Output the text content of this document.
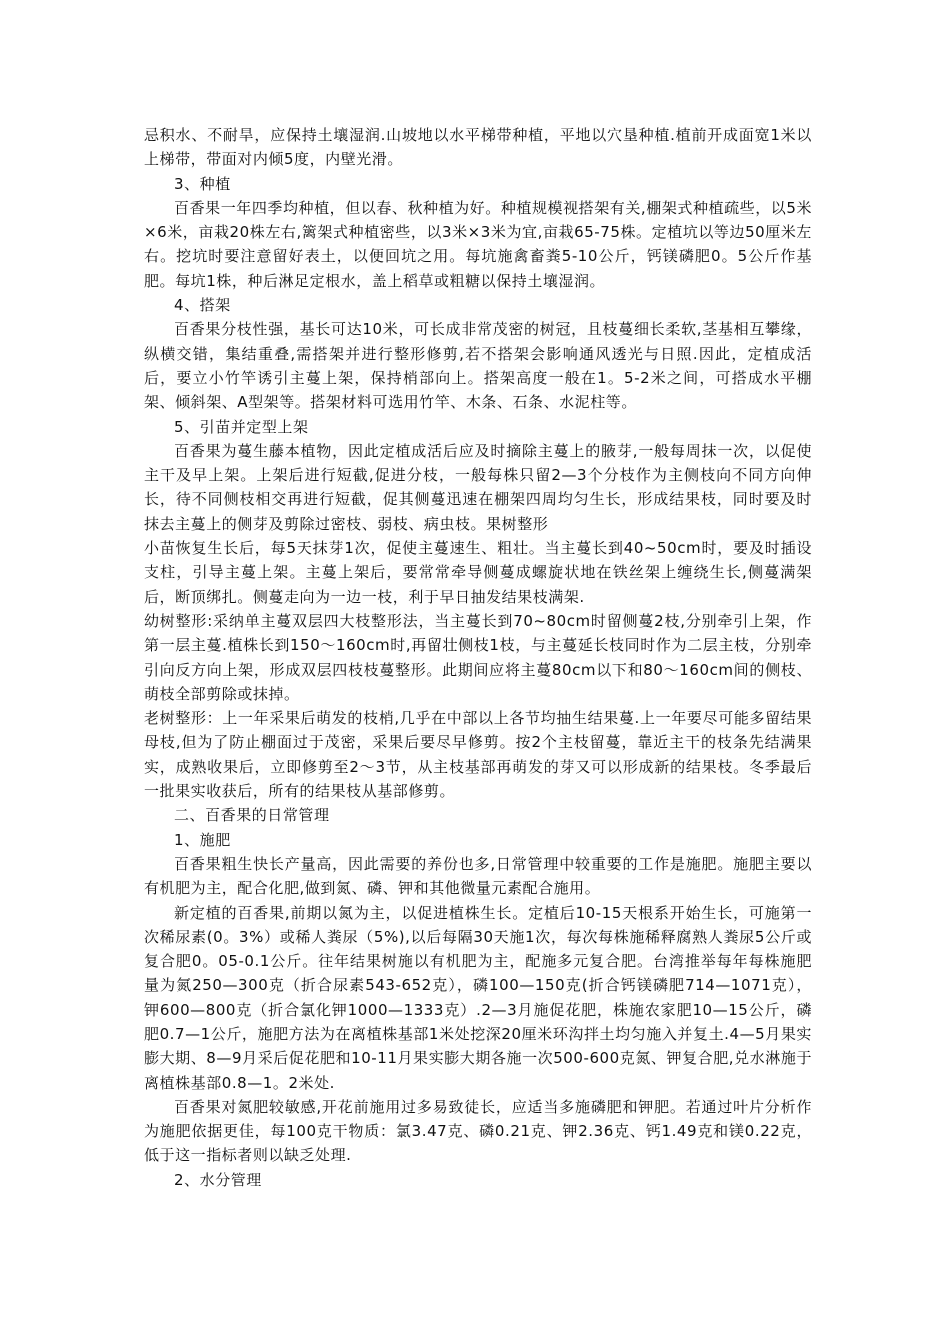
忌积水、不耐旱，应保持土壤湿润.山坡地以水平梯带种植，平地以穴垦种植.植前开成面宽1米以上梯带，带面对内倾5度，内壁光滑。

3、种植

百香果一年四季均种植，但以春、秋种植为好。种植规模视搭架有关,棚架式种植疏些，以5米×6米，亩栽20株左右,篱架式种植密些，以3米×3米为宜,亩栽65-75株。定植坑以等边50厘米左右。挖坑时要注意留好表土，以便回坑之用。每坑施禽畜粪5-10公斤，钙镁磷肥0。5公斤作基肥。每坑1株，种后淋足定根水，盖上稻草或粗糖以保持土壤湿润。

4、搭架

百香果分枝性强，基长可达10米，可长成非常茂密的树冠，且枝蔓细长柔软,茎基相互攀缘，纵横交错，集结重叠,需搭架并进行整形修剪,若不搭架会影响通风透光与日照.因此，定植成活后，要立小竹竿诱引主蔓上架，保持梢部向上。搭架高度一般在1。5-2米之间，可搭成水平棚架、倾斜架、A型架等。搭架材料可选用竹竿、木条、石条、水泥柱等。

5、引苗并定型上架

百香果为蔓生藤本植物，因此定植成活后应及时摘除主蔓上的腋芽,一般每周抹一次，以促使主干及早上架。上架后进行短截,促进分枝，一般每株只留2—3个分枝作为主侧枝向不同方向伸长，待不同侧枝相交再进行短截，促其侧蔓迅速在棚架四周均匀生长，形成结果枝，同时要及时抹去主蔓上的侧芽及剪除过密枝、弱枝、病虫枝。果树整形

小苗恢复生长后，每5天抹芽1次，促使主蔓速生、粗壮。当主蔓长到40~50cm时，要及时插设支柱，引导主蔓上架。主蔓上架后，要常常牵导侧蔓成螺旋状地在铁丝架上缠绕生长,侧蔓满架后，断顶绑扎。侧蔓走向为一边一枝，利于早日抽发结果枝满架.

幼树整形:采纳单主蔓双层四大枝整形法，当主蔓长到70~80cm时留侧蔓2枝,分别牵引上架，作第一层主蔓.植株长到150～160cm时,再留壮侧枝1枝，与主蔓延长枝同时作为二层主枝，分别牵引向反方向上架，形成双层四枝枝蔓整形。此期间应将主蔓80cm以下和80～160cm间的侧枝、萌枝全部剪除或抹掉。

老树整形：上一年采果后萌发的枝梢,几乎在中部以上各节均抽生结果蔓.上一年要尽可能多留结果母枝,但为了防止棚面过于茂密，采果后要尽早修剪。按2个主枝留蔓，靠近主干的枝条先结满果实，成熟收果后，立即修剪至2～3节，从主枝基部再萌发的芽又可以形成新的结果枝。冬季最后一批果实收获后，所有的结果枝从基部修剪。

二、百香果的日常管理

1、施肥

百香果粗生快长产量高，因此需要的养份也多,日常管理中较重要的工作是施肥。施肥主要以有机肥为主，配合化肥,做到氮、磷、钾和其他微量元素配合施用。

新定植的百香果,前期以氮为主，以促进植株生长。定植后10-15天根系开始生长，可施第一次稀尿素(0。3%）或稀人粪尿（5%),以后每隔30天施1次，每次每株施稀释腐熟人粪尿5公斤或复合肥0。05-0.1公斤。往年结果树施以有机肥为主，配施多元复合肥。台湾推举每年每株施肥量为氮250—300克（折合尿素543-652克），磷100—150克(折合钙镁磷肥714—1071克），钾600—800克（折合氯化钾1000—1333克）.2—3月施促花肥，株施农家肥10—15公斤，磷肥0.7—1公斤，施肥方法为在离植株基部1米处挖深20厘米环沟拌土均匀施入并复土.4—5月果实膨大期、8—9月采后促花肥和10-11月果实膨大期各施一次500-600克氮、钾复合肥,兑水淋施于离植株基部0.8—1。2米处.

百香果对氮肥较敏感,开花前施用过多易致徒长，应适当多施磷肥和钾肥。若通过叶片分析作为施肥依据更佳，每100克干物质：氯3.47克、磷0.21克、钾2.36克、钙1.49克和镁0.22克，低于这一指标者则以缺乏处理.

2、水分管理
